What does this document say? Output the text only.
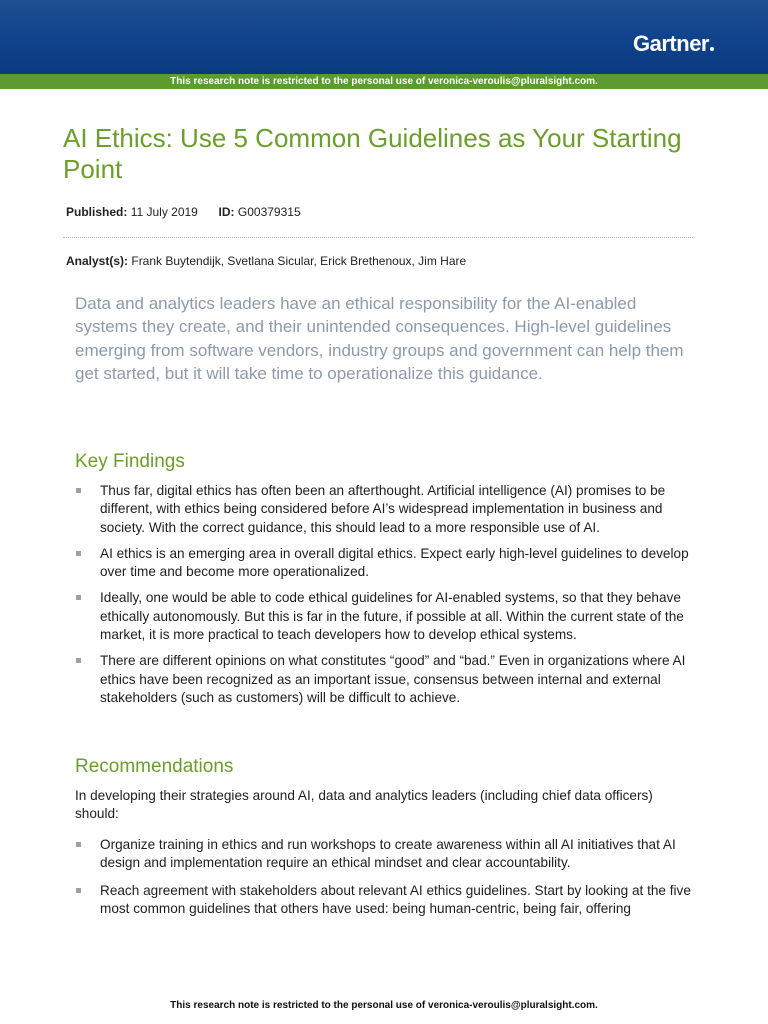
Gartner
This research note is restricted to the personal use of veronica-veroulis@pluralsight.com.
AI Ethics: Use 5 Common Guidelines as Your Starting Point
Published: 11 July 2019 ID: G00379315
Analyst(s): Frank Buytendijk, Svetlana Sicular, Erick Brethenoux, Jim Hare
Data and analytics leaders have an ethical responsibility for the AI-enabled systems they create, and their unintended consequences. High-level guidelines emerging from software vendors, industry groups and government can help them get started, but it will take time to operationalize this guidance.
Key Findings
Thus far, digital ethics has often been an afterthought. Artificial intelligence (AI) promises to be different, with ethics being considered before AI’s widespread implementation in business and society. With the correct guidance, this should lead to a more responsible use of AI.
AI ethics is an emerging area in overall digital ethics. Expect early high-level guidelines to develop over time and become more operationalized.
Ideally, one would be able to code ethical guidelines for AI-enabled systems, so that they behave ethically autonomously. But this is far in the future, if possible at all. Within the current state of the market, it is more practical to teach developers how to develop ethical systems.
There are different opinions on what constitutes “good” and “bad.” Even in organizations where AI ethics have been recognized as an important issue, consensus between internal and external stakeholders (such as customers) will be difficult to achieve.
Recommendations
In developing their strategies around AI, data and analytics leaders (including chief data officers) should:
Organize training in ethics and run workshops to create awareness within all AI initiatives that AI design and implementation require an ethical mindset and clear accountability.
Reach agreement with stakeholders about relevant AI ethics guidelines. Start by looking at the five most common guidelines that others have used: being human-centric, being fair, offering
This research note is restricted to the personal use of veronica-veroulis@pluralsight.com.
